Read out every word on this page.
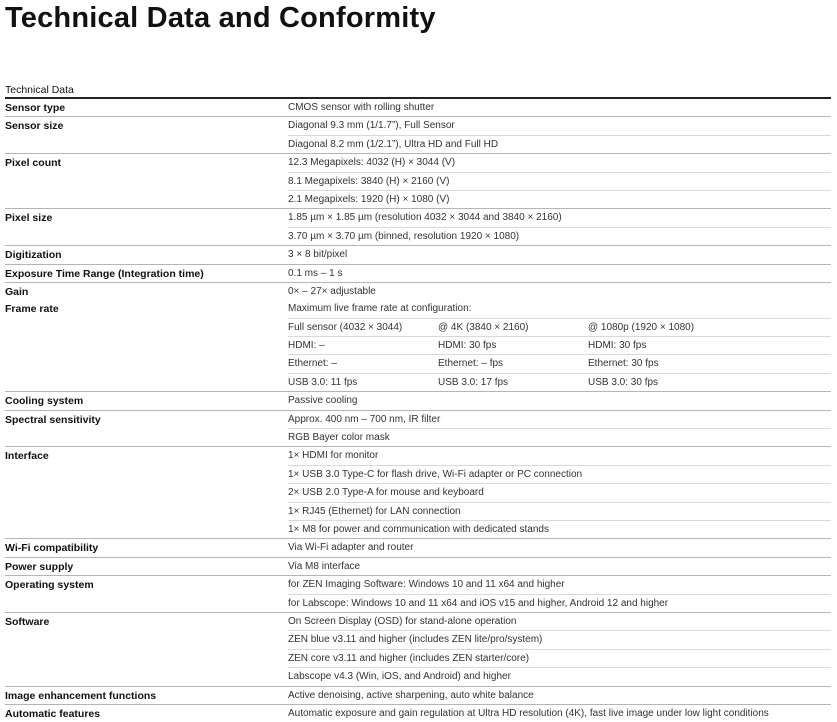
Technical Data and Conformity
Technical Data
Sensor type	CMOS sensor with rolling shutter
Sensor size	Diagonal 9.3 mm (1/1.7”), Full Sensor
Diagonal 8.2 mm (1/2.1”), Ultra HD and Full HD
Pixel count	12.3 Megapixels: 4032 (H) × 3044 (V)
8.1 Megapixels: 3840 (H) × 2160 (V)
2.1 Megapixels: 1920 (H) × 1080 (V)
Pixel size	1.85 µm × 1.85 µm (resolution 4032 × 3044 and 3840 × 2160)
3.70 µm × 3.70 µm (binned, resolution 1920 × 1080)
Digitization	3 × 8 bit/pixel
Exposure Time Range (Integration time)	0.1 ms – 1 s
Gain	0× – 27× adjustable
Frame rate	Maximum live frame rate at configuration:
Full sensor (4032 × 3044)	@ 4K (3840 × 2160)	@ 1080p (1920 × 1080)
HDMI: –	HDMI: 30 fps	HDMI: 30 fps
Ethernet: –	Ethernet: – fps	Ethernet: 30 fps
USB 3.0: 11 fps	USB 3.0: 17 fps	USB 3.0: 30 fps
Cooling system	Passive cooling
Spectral sensitivity	Approx. 400 nm – 700 nm, IR filter
RGB Bayer color mask
Interface	1× HDMI for monitor
1× USB 3.0 Type-C for flash drive, Wi-Fi adapter or PC connection
2× USB 2.0 Type-A for mouse and keyboard
1× RJ45 (Ethernet) for LAN connection
1× M8 for power and communication with dedicated stands
Wi-Fi compatibility	Via Wi-Fi adapter and router
Power supply	Via M8 interface
Operating system	for ZEN Imaging Software: Windows 10 and 11 x64 and higher
for Labscope: Windows 10 and 11 x64 and iOS v15 and higher, Android 12 and higher
Software	On Screen Display (OSD) for stand-alone operation
ZEN blue v3.11 and higher (includes ZEN lite/pro/system)
ZEN core v3.11 and higher (includes ZEN starter/core)
Labscope v4.3 (Win, iOS, and Android) and higher
Image enhancement functions	Active denoising, active sharpening, auto white balance
Automatic features	Automatic exposure and gain regulation at Ultra HD resolution (4K), fast live image under low light conditions
